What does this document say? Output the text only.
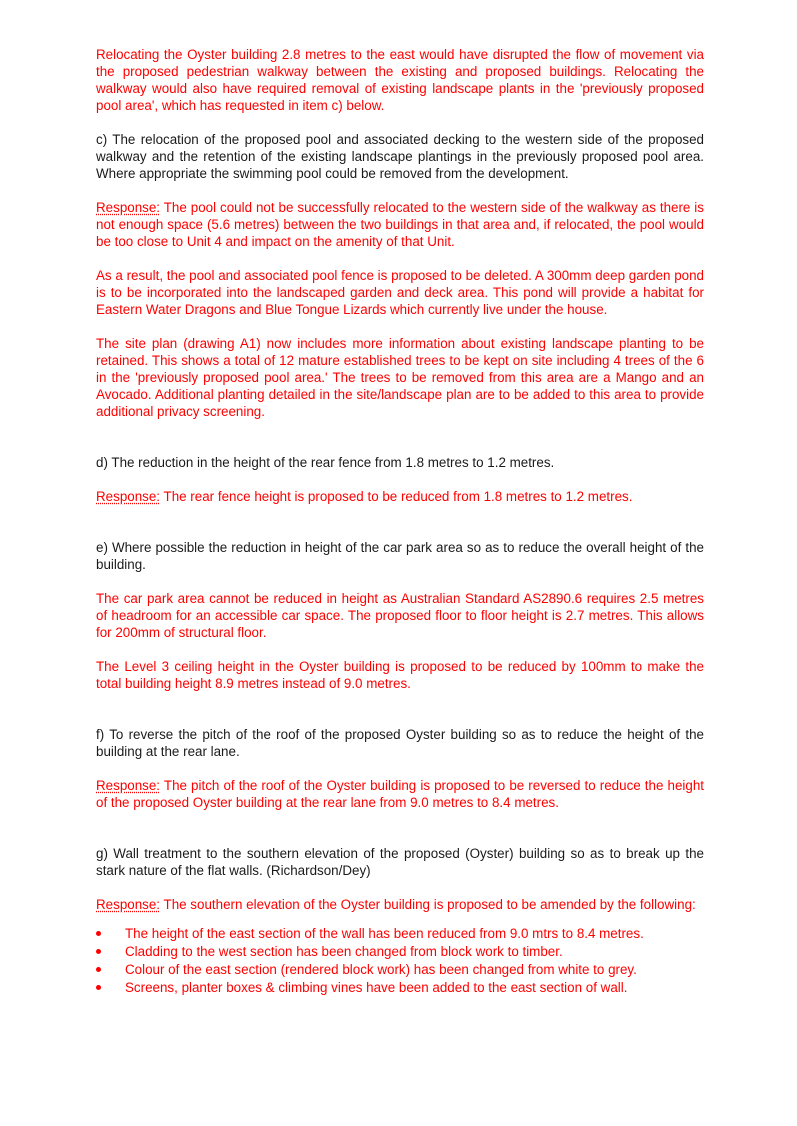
Relocating the Oyster building 2.8 metres to the east would have disrupted the flow of movement via the proposed pedestrian walkway between the existing and proposed buildings. Relocating the walkway would also have required removal of existing landscape plants in the 'previously proposed pool area', which has requested in item c) below.

c) The relocation of the proposed pool and associated decking to the western side of the proposed walkway and the retention of the existing landscape plantings in the previously proposed pool area. Where appropriate the swimming pool could be removed from the development.

Response: The pool could not be successfully relocated to the western side of the walkway as there is not enough space (5.6 metres) between the two buildings in that area and, if relocated, the pool would be too close to Unit 4 and impact on the amenity of that Unit.

As a result, the pool and associated pool fence is proposed to be deleted. A 300mm deep garden pond is to be incorporated into the landscaped garden and deck area. This pond will provide a habitat for Eastern Water Dragons and Blue Tongue Lizards which currently live under the house.

The site plan (drawing A1) now includes more information about existing landscape planting to be retained. This shows a total of 12 mature established trees to be kept on site including 4 trees of the 6 in the 'previously proposed pool area.' The trees to be removed from this area are a Mango and an Avocado. Additional planting detailed in the site/landscape plan are to be added to this area to provide additional privacy screening.

d) The reduction in the height of the rear fence from 1.8 metres to 1.2 metres.

Response: The rear fence height is proposed to be reduced from 1.8 metres to 1.2 metres.

e) Where possible the reduction in height of the car park area so as to reduce the overall height of the building.

The car park area cannot be reduced in height as Australian Standard AS2890.6 requires 2.5 metres of headroom for an accessible car space. The proposed floor to floor height is 2.7 metres. This allows for 200mm of structural floor.

The Level 3 ceiling height in the Oyster building is proposed to be reduced by 100mm to make the total building height 8.9 metres instead of 9.0 metres.

f) To reverse the pitch of the roof of the proposed Oyster building so as to reduce the height of the building at the rear lane.

Response: The pitch of the roof of the Oyster building is proposed to be reversed to reduce the height of the proposed Oyster building at the rear lane from 9.0 metres to 8.4 metres.

g) Wall treatment to the southern elevation of the proposed (Oyster) building so as to break up the stark nature of the flat walls. (Richardson/Dey)

Response: The southern elevation of the Oyster building is proposed to be amended by the following:

The height of the east section of the wall has been reduced from 9.0 mtrs to 8.4 metres.
Cladding to the west section has been changed from block work to timber.
Colour of the east section (rendered block work) has been changed from white to grey.
Screens, planter boxes & climbing vines have been added to the east section of wall.
